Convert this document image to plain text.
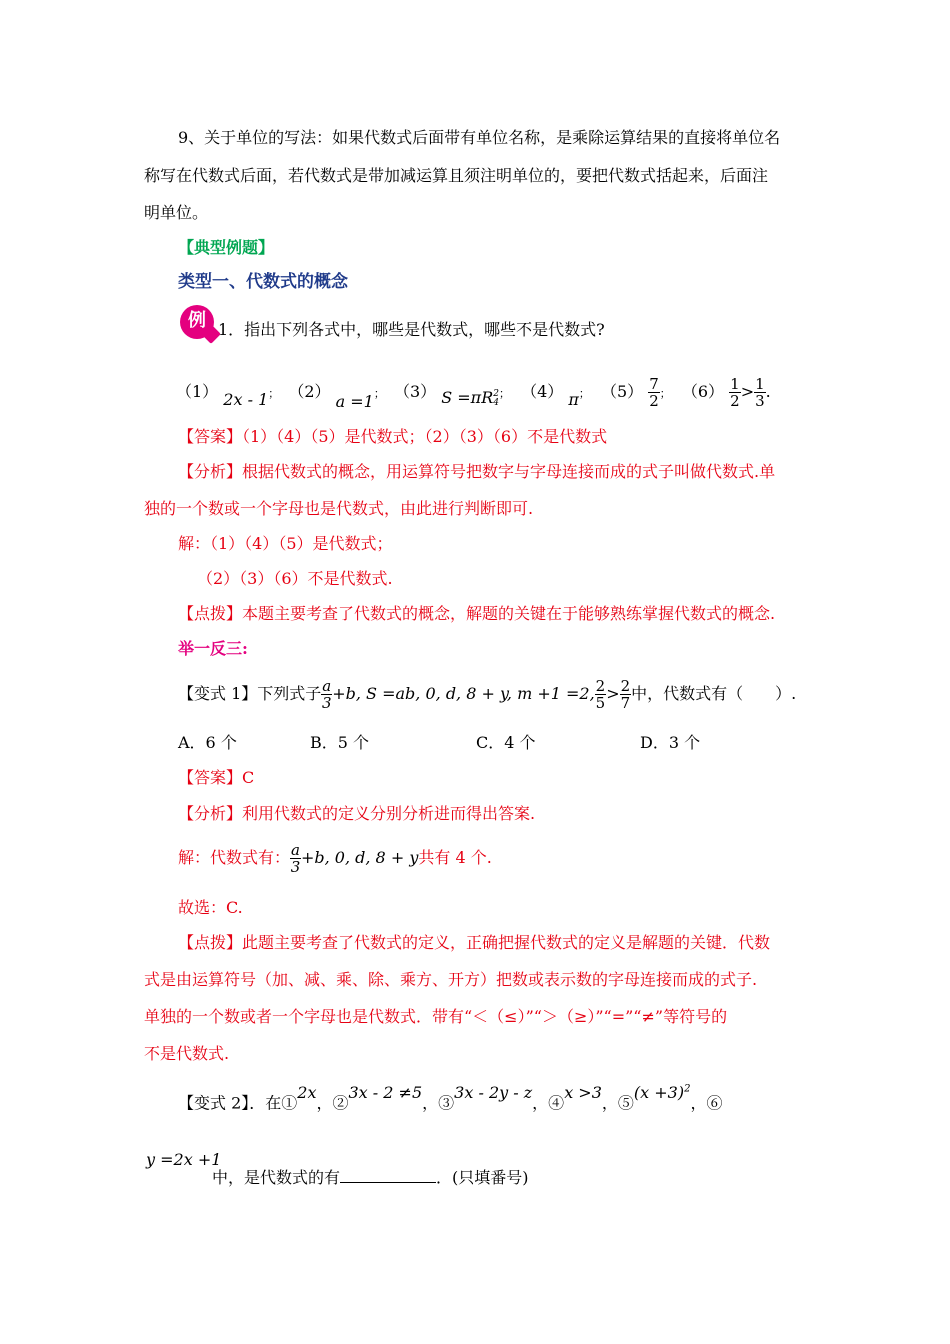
9、关于单位的写法：如果代数式后面带有单位名称，是乘除运算结果的直接将单位名
称写在代数式后面，若代数式是带加减运算且须注明单位的，要把代数式括起来，后面注
明单位。
【典型例题】
类型一、代数式的概念
例 1．指出下列各式中，哪些是代数式，哪些不是代数式?
（1） 2x - 1； （2） a =1； （3） S =πR 2
4
； （4） π； $(5) \frac{7}{2}$ ； $(6) \frac{1}{2} > \frac{1}{3}$ .
【答案】（1）（4）（5）是代数式；（2）（3）（6）不是代数式
【分析】根据代数式的概念，用运算符号把数字与字母连接而成的式子叫做代数式.单
独的一个数或一个字母也是代数式，由此进行判断即可.
解：（1）（4）（5）是代数式；
（2）（3）（6）不是代数式.
【点拨】本题主要考查了代数式的概念，解题的关键在于能够熟练掌握代数式的概念.
举一反三:
【变式 1】下列式子 $\frac{a}{3} +b$, S =ab, 0, d, 8 + y, m +1 =2, $\frac{2}{5} > \frac{2}{7}$ 中，代数式有（　　）.
A．6 个	B．5 个	C．4 个	D．3 个
【答案】C
【分析】利用代数式的定义分别分析进而得出答案.
解：代数式有： $\frac{a}{3} +b$, 0, d, 8 + y共有 4 个.
故选：C.
【点拨】此题主要考查了代数式的定义，正确把握代数式的定义是解题的关键．代数
式是由运算符号（加、减、乘、除、乘方、开方）把数或表示数的字母连接而成的式子.
单独的一个数或者一个字母也是代数式．带有“＜（≤）”“＞（≥）”“=”“≠”等符号的
不是代数式.
【变式 2】．在①2x，②3x - 2 ≠5，③3x - 2y - z，④x >3，⑤(x +3)$^2$，⑥
y =2x +1
中，是代数式的有	．(只填番号)
